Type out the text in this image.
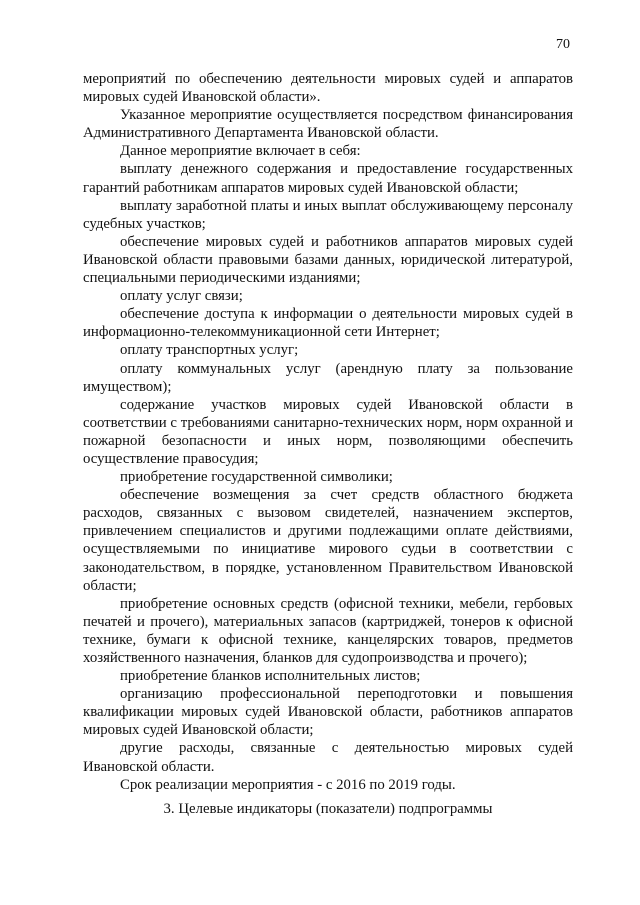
70

мероприятий по обеспечению деятельности мировых судей и аппаратов мировых судей Ивановской области».

Указанное мероприятие осуществляется посредством финансирования Административного Департамента Ивановской области.

Данное мероприятие включает в себя:

выплату денежного содержания и предоставление государственных гарантий работникам аппаратов мировых судей Ивановской области;

выплату заработной платы и иных выплат обслуживающему персоналу судебных участков;

обеспечение мировых судей и работников аппаратов мировых судей Ивановской области правовыми базами данных, юридической литературой, специальными периодическими изданиями;

оплату услуг связи;

обеспечение доступа к информации о деятельности мировых судей в информационно-телекоммуникационной сети Интернет;

оплату транспортных услуг;

оплату коммунальных услуг (арендную плату за пользование имуществом);

содержание участков мировых судей Ивановской области в соответствии с требованиями санитарно-технических норм, норм охранной и пожарной безопасности и иных норм, позволяющими обеспечить осуществление правосудия;

приобретение государственной символики;

обеспечение возмещения за счет средств областного бюджета расходов, связанных с вызовом свидетелей, назначением экспертов, привлечением специалистов и другими подлежащими оплате действиями, осуществляемыми по инициативе мирового судьи в соответствии с законодательством, в порядке, установленном Правительством Ивановской области;

приобретение основных средств (офисной техники, мебели, гербовых печатей и прочего), материальных запасов (картриджей, тонеров к офисной технике, бумаги к офисной технике, канцелярских товаров, предметов хозяйственного назначения, бланков для судопроизводства и прочего);

приобретение бланков исполнительных листов;

организацию профессиональной переподготовки и повышения квалификации мировых судей Ивановской области, работников аппаратов мировых судей Ивановской области;

другие расходы, связанные с деятельностью мировых судей Ивановской области.

Срок реализации мероприятия - с 2016 по 2019 годы.

3. Целевые индикаторы (показатели) подпрограммы
